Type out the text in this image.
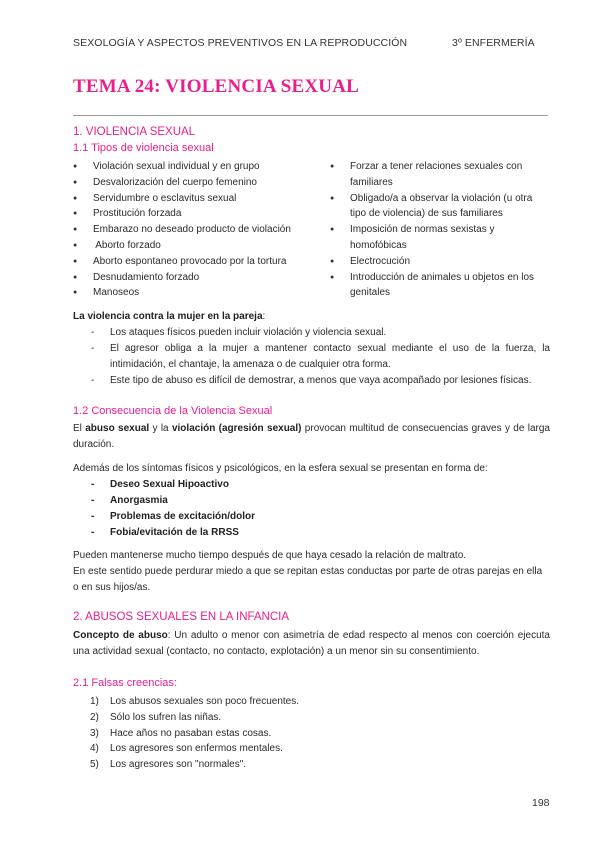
SEXOLOGÍA Y ASPECTOS PREVENTIVOS EN LA REPRODUCCIÓN	3º ENFERMERÍA
TEMA 24: VIOLENCIA SEXUAL
1. VIOLENCIA SEXUAL
1.1 Tipos de violencia sexual
● Violación sexual individual y en grupo
● Desvalorización del cuerpo femenino
● Servidumbre o esclavitus sexual
● Prostitución forzada
● Embarazo no deseado producto de violación
●  Aborto forzado
● Aborto espontaneo provocado por la tortura
● Desnudamiento forzado
● Manoseos
● Forzar a tener relaciones sexuales con familiares
● Obligado/a a observar la violación (u otra tipo de violencia) de sus familiares
● Imposición de normas sexistas y homofóbicas
● Electrocución
● Introducción de animales u objetos en los genitales
La violencia contra la mujer en la pareja:
- Los ataques físicos pueden incluir violación y violencia sexual.
- El agresor obliga a la mujer a mantener contacto sexual mediante el uso de la fuerza, la intimidación, el chantaje, la amenaza o de cualquier otra forma.
- Este tipo de abuso es difícil de demostrar, a menos que vaya acompañado por lesiones físicas.
1.2 Consecuencia de la Violencia Sexual
El abuso sexual y la violación (agresión sexual) provocan multitud de consecuencias graves y de larga duración.
Además de los síntomas físicos y psicológicos, en la esfera sexual se presentan en forma de:
- Deseo Sexual Hipoactivo
- Anorgasmia
- Problemas de excitación/dolor
- Fobia/evitación de la RRSS
Pueden mantenerse mucho tiempo después de que haya cesado la relación de maltrato.
En este sentido puede perdurar miedo a que se repitan estas conductas por parte de otras parejas en ella o en sus hijos/as.
2. ABUSOS SEXUALES EN LA INFANCIA
Concepto de abuso: Un adulto o menor con asimetría de edad respecto al menos con coerción ejecuta una actividad sexual (contacto, no contacto, explotación) a un menor sin su consentimiento.
2.1 Falsas creencias:
1) Los abusos sexuales son poco frecuentes.
2) Sólo los sufren las niñas.
3) Hace años no pasaban estas cosas.
4) Los agresores son enfermos mentales.
5) Los agresores son "normales".
198
